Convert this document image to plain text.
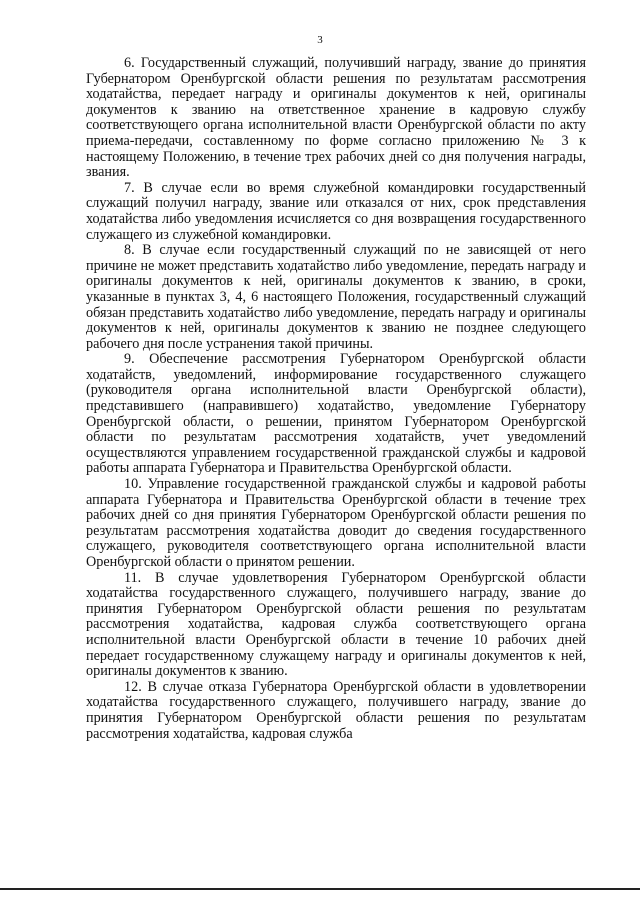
3

6. Государственный служащий, получивший награду, звание до принятия Губернатором Оренбургской области решения по результатам рассмотрения ходатайства, передает награду и оригиналы документов к ней, оригиналы документов к званию на ответственное хранение в кадровую службу соответствующего органа исполнительной власти Оренбургской области по акту приема-передачи, составленному по форме согласно приложению № 3 к настоящему Положению, в течение трех рабочих дней со дня получения награды, звания.

7. В случае если во время служебной командировки государственный служащий получил награду, звание или отказался от них, срок представления ходатайства либо уведомления исчисляется со дня возвращения государственного служащего из служебной командировки.

8. В случае если государственный служащий по не зависящей от него причине не может представить ходатайство либо уведомление, передать награду и оригиналы документов к ней, оригиналы документов к званию, в сроки, указанные в пунктах 3, 4, 6 настоящего Положения, государственный служащий обязан представить ходатайство либо уведомление, передать награду и оригиналы документов к ней, оригиналы документов к званию не позднее следующего рабочего дня после устранения такой причины.

9. Обеспечение рассмотрения Губернатором Оренбургской области ходатайств, уведомлений, информирование государственного служащего (руководителя органа исполнительной власти Оренбургской области), представившего (направившего) ходатайство, уведомление Губернатору Оренбургской области, о решении, принятом Губернатором Оренбургской области по результатам рассмотрения ходатайств, учет уведомлений осуществляются управлением государственной гражданской службы и кадровой работы аппарата Губернатора и Правительства Оренбургской области.

10. Управление государственной гражданской службы и кадровой работы аппарата Губернатора и Правительства Оренбургской области в течение трех рабочих дней со дня принятия Губернатором Оренбургской области решения по результатам рассмотрения ходатайства доводит до сведения государственного служащего, руководителя соответствующего органа исполнительной власти Оренбургской области о принятом решении.

11. В случае удовлетворения Губернатором Оренбургской области ходатайства государственного служащего, получившего награду, звание до принятия Губернатором Оренбургской области решения по результатам рассмотрения ходатайства, кадровая служба соответствующего органа исполнительной власти Оренбургской области в течение 10 рабочих дней передает государственному служащему награду и оригиналы документов к ней, оригиналы документов к званию.

12. В случае отказа Губернатора Оренбургской области в удовлетворении ходатайства государственного служащего, получившего награду, звание до принятия Губернатором Оренбургской области решения по результатам рассмотрения ходатайства, кадровая служба
